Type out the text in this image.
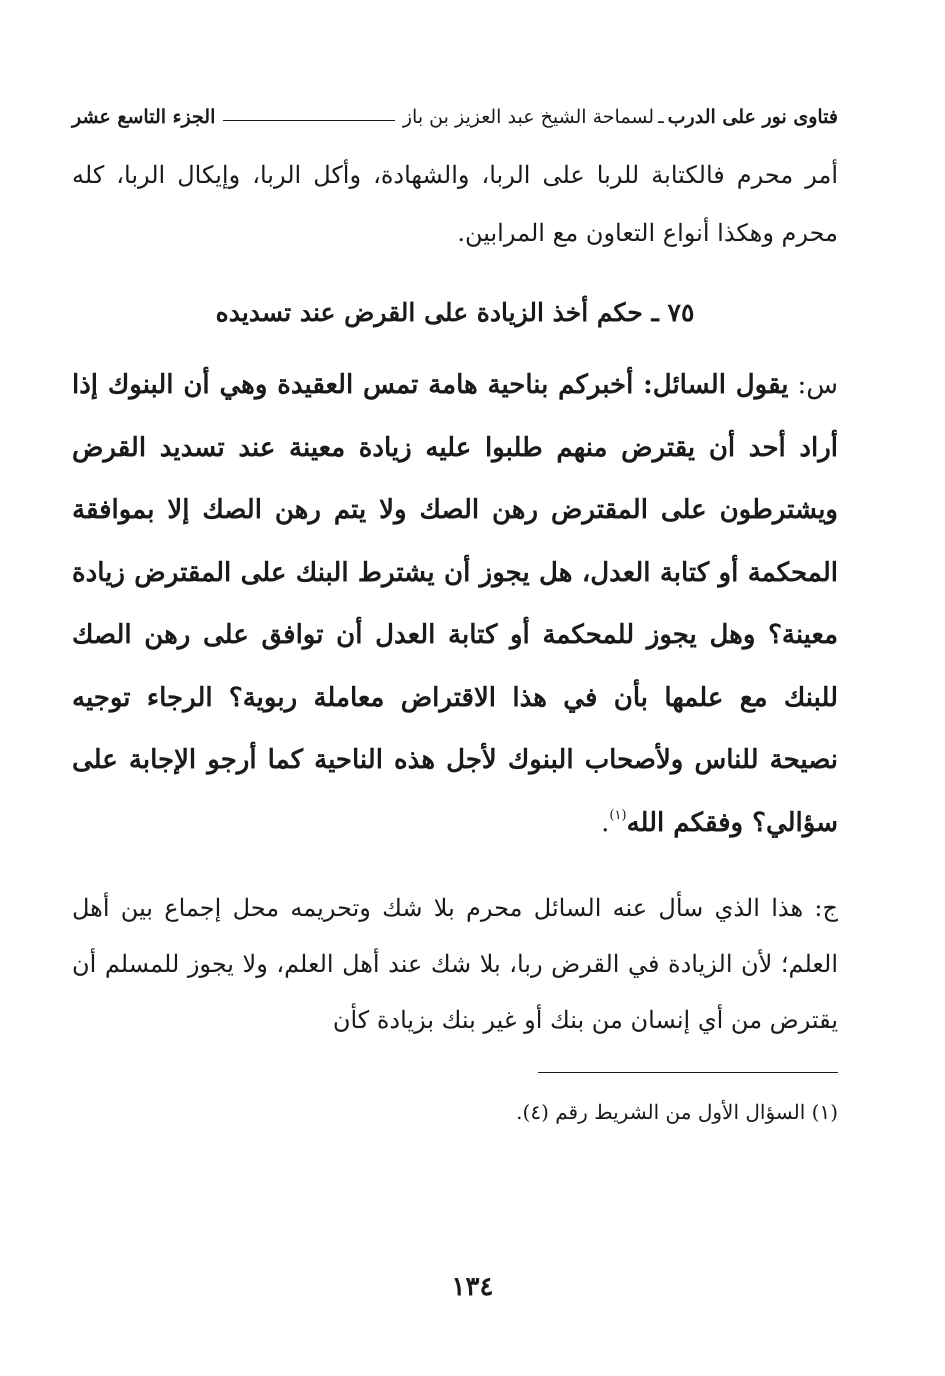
فتاوى نور على الدرب
ـ
لسماحة الشيخ عبد العزيز بن باز
الجزء التاسع عشر

أمر محرم فالكتابة للربا على الربا، والشهادة، وأكل الربا، وإيكال الربا، كله محرم وهكذا أنواع التعاون مع المرابين.

٧٥ ـ حكم أخذ الزيادة على القرض عند تسديده

س: يقول السائل: أخبركم بناحية هامة تمس العقيدة وهي أن البنوك إذا أراد أحد أن يقترض منهم طلبوا عليه زيادة معينة عند تسديد القرض ويشترطون على المقترض رهن الصك ولا يتم رهن الصك إلا بموافقة المحكمة أو كتابة العدل، هل يجوز أن يشترط البنك على المقترض زيادة معينة؟ وهل يجوز للمحكمة أو كتابة العدل أن توافق على رهن الصك للبنك مع علمها بأن في هذا الاقتراض معاملة ربوية؟ الرجاء توجيه نصيحة للناس ولأصحاب البنوك لأجل هذه الناحية كما أرجو الإجابة على سؤالي؟ وفقكم الله$^{(١)}$.

ج: هذا الذي سأل عنه السائل محرم بلا شك وتحريمه محل إجماع بين أهل العلم؛ لأن الزيادة في القرض ربا، بلا شك عند أهل العلم، ولا يجوز للمسلم أن يقترض من أي إنسان من بنك أو غير بنك بزيادة كأن

(١) السؤال الأول من الشريط رقم (٤).
١٣٤
